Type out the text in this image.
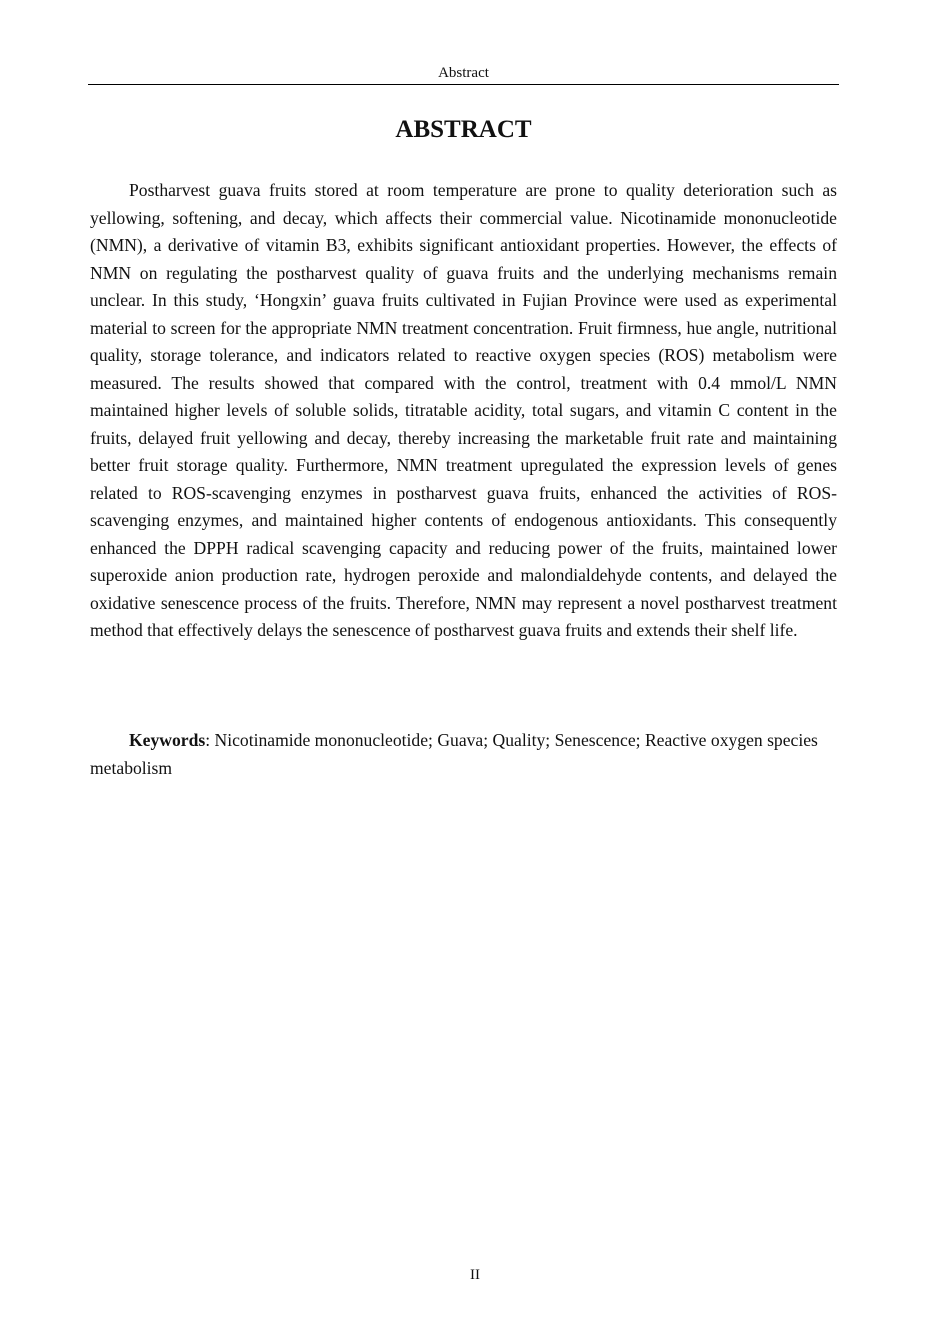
Abstract
ABSTRACT

Postharvest guava fruits stored at room temperature are prone to quality deterioration such as yellowing, softening, and decay, which affects their commercial value. Nicotinamide mononucleotide (NMN), a derivative of vitamin B3, exhibits significant antioxidant properties. However, the effects of NMN on regulating the postharvest quality of guava fruits and the underlying mechanisms remain unclear. In this study, ‘Hongxin’ guava fruits cultivated in Fujian Province were used as experimental material to screen for the appropriate NMN treatment concentration. Fruit firmness, hue angle, nutritional quality, storage tolerance, and indicators related to reactive oxygen species (ROS) metabolism were measured. The results showed that compared with the control, treatment with 0.4 mmol/L NMN maintained higher levels of soluble solids, titratable acidity, total sugars, and vitamin C content in the fruits, delayed fruit yellowing and decay, thereby increasing the marketable fruit rate and maintaining better fruit storage quality. Furthermore, NMN treatment upregulated the expression levels of genes related to ROS-scavenging enzymes in postharvest guava fruits, enhanced the activities of ROS-scavenging enzymes, and maintained higher contents of endogenous antioxidants. This consequently enhanced the DPPH radical scavenging capacity and reducing power of the fruits, maintained lower superoxide anion production rate, hydrogen peroxide and malondialdehyde contents, and delayed the oxidative senescence process of the fruits. Therefore, NMN may represent a novel postharvest treatment method that effectively delays the senescence of postharvest guava fruits and extends their shelf life.

Keywords: Nicotinamide mononucleotide; Guava; Quality; Senescence; Reactive oxygen species metabolism

II
